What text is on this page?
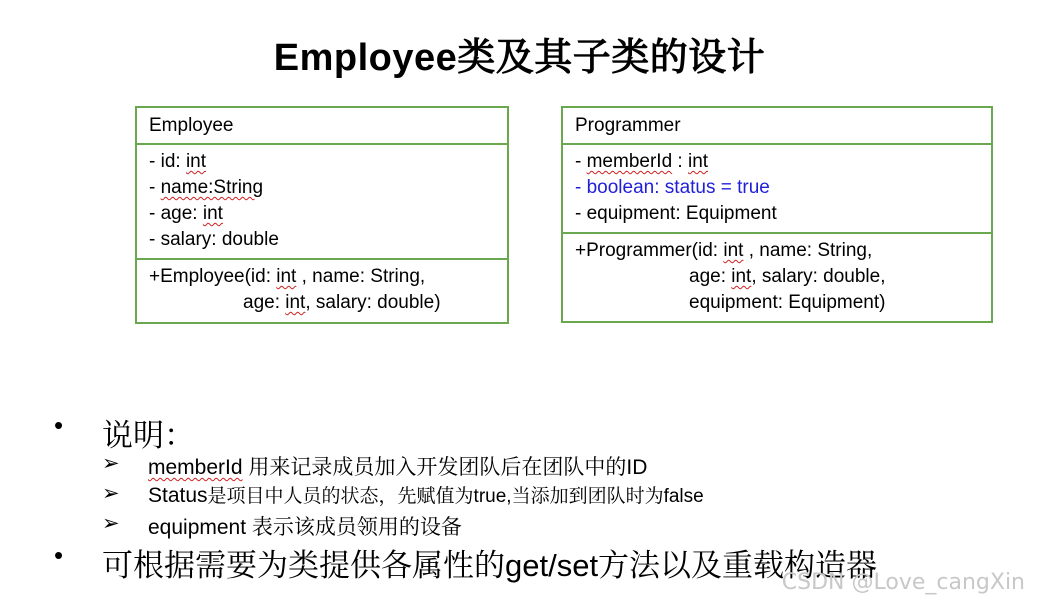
Employee类及其子类的设计
Employee
- id: int
- name:String
- age: int
- salary: double
+Employee(id: int , name: String,
age: int, salary: double)
Programmer
- memberId : int
- boolean: status = true
- equipment: Equipment
+Programmer(id: int , name: String,
age: int, salary: double,
equipment: Equipment)
• 说明：
➢ memberId 用来记录成员加入开发团队后在团队中的ID
➢ Status是项目中人员的状态，先赋值为true,当添加到团队时为false
➢ equipment 表示该成员领用的设备
• 可根据需要为类提供各属性的get/set方法以及重载构造器
CSDN @Love_cangXin
